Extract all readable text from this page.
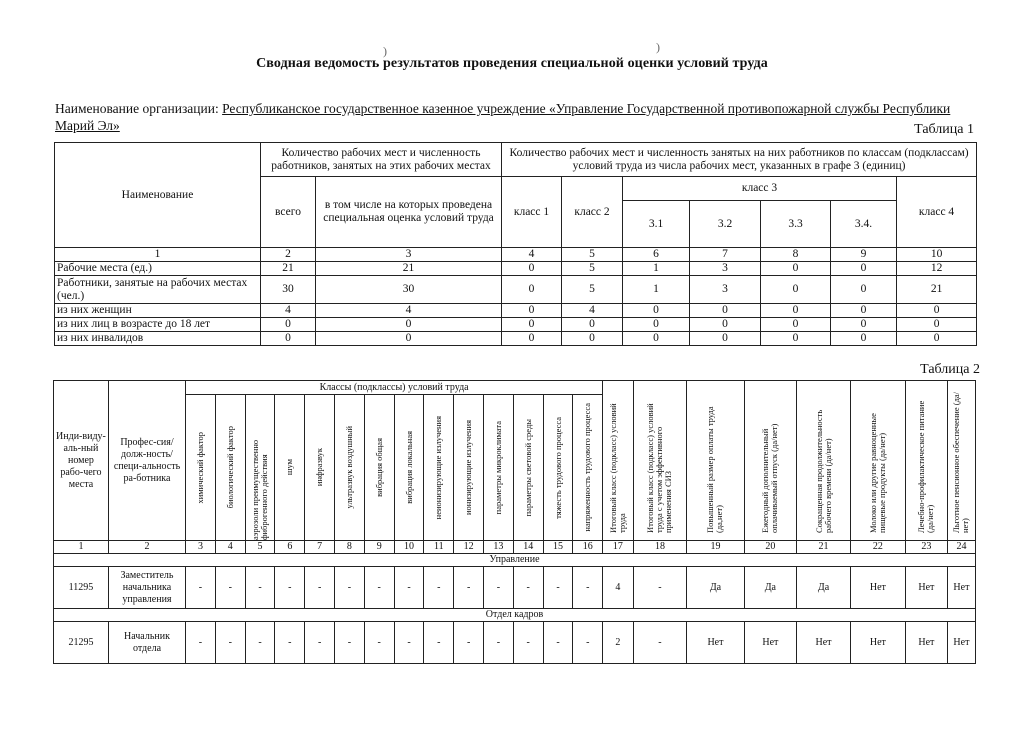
)	)
Сводная ведомость результатов проведения специальной оценки условий труда
Наименование организации: Республиканское государственное казенное учреждение «Управление Государственной противопожарной службы Республики Марий Эл»	Таблица 1
Наименование	Количество рабочих мест и численность работников, занятых на этих рабочих местах		Количество рабочих мест и численность занятых на них работников по классам (подклассам) условий труда из числа рабочих мест, указанных в графе 3 (единиц)						
	всего	в том числе на которых проведена специальная оценка условий труда	класс 1	класс 2	класс 3				класс 4
					3.1	3.2	3.3	3.4.	
1	2	3	4	5	6	7	8	9	10
Рабочие места (ед.)	21	21	0	5	1	3	0	0	12
Работники, занятые на рабочих местах (чел.)	30	30	0	5	1	3	0	0	21
из них женщин	4	4	0	4	0	0	0	0	0
из них лиц в возрасте до 18 лет	0	0	0	0	0	0	0	0	0
из них инвалидов	0	0	0	0	0	0	0	0	0
Таблица 2
Инди-виду-аль-ный номер рабо-чего места	Профес-сия/долж-ность/специ-альность ра-ботника	Классы (подклассы) условий труда														Итоговый класс (подкласс) условий труда	Итоговый класс (подкласс) условий труда с учетом эффективного применения СИЗ	Повышенный размер оплаты труда (да,нет)	Ежегодный дополнительный оплачиваемый отпуск (да/нет)	Сокращенная продолжительность рабочего времени (да/нет)	Молоко или другие равноценные пищевые продукты (да/нет)	Лечебно-профилактическое питание (да/нет)	Льготное пенсионное обеспечение (да/нет)

		химический фактор	биологический фактор	аэрозоли преимущественно фиброгенного действия	шум	инфразвук	ультразвук воздушный	вибрация общая	вибрация локальная	неионизирующие излучения	ионизирующие излучения	параметры микроклимата	параметры световой среды	тяжесть трудового процесса	напряженность трудового процесса								

1	2	3	4	5	6	7	8	9	10	11	12	13	14	15	16	17	18	19	20	21	22	23	24
Управление																							
11295	Заместитель начальника управления	-	-	-	-	-	-	-	-	-	-	-	-	-	-	4	-	Да	Да	Да	Нет	Нет	Нет
Отдел кадров																							
21295	Начальник отдела	-	-	-	-	-	-	-	-	-	-	-	-	-	-	2	-	Нет	Нет	Нет	Нет	Нет	Нет
